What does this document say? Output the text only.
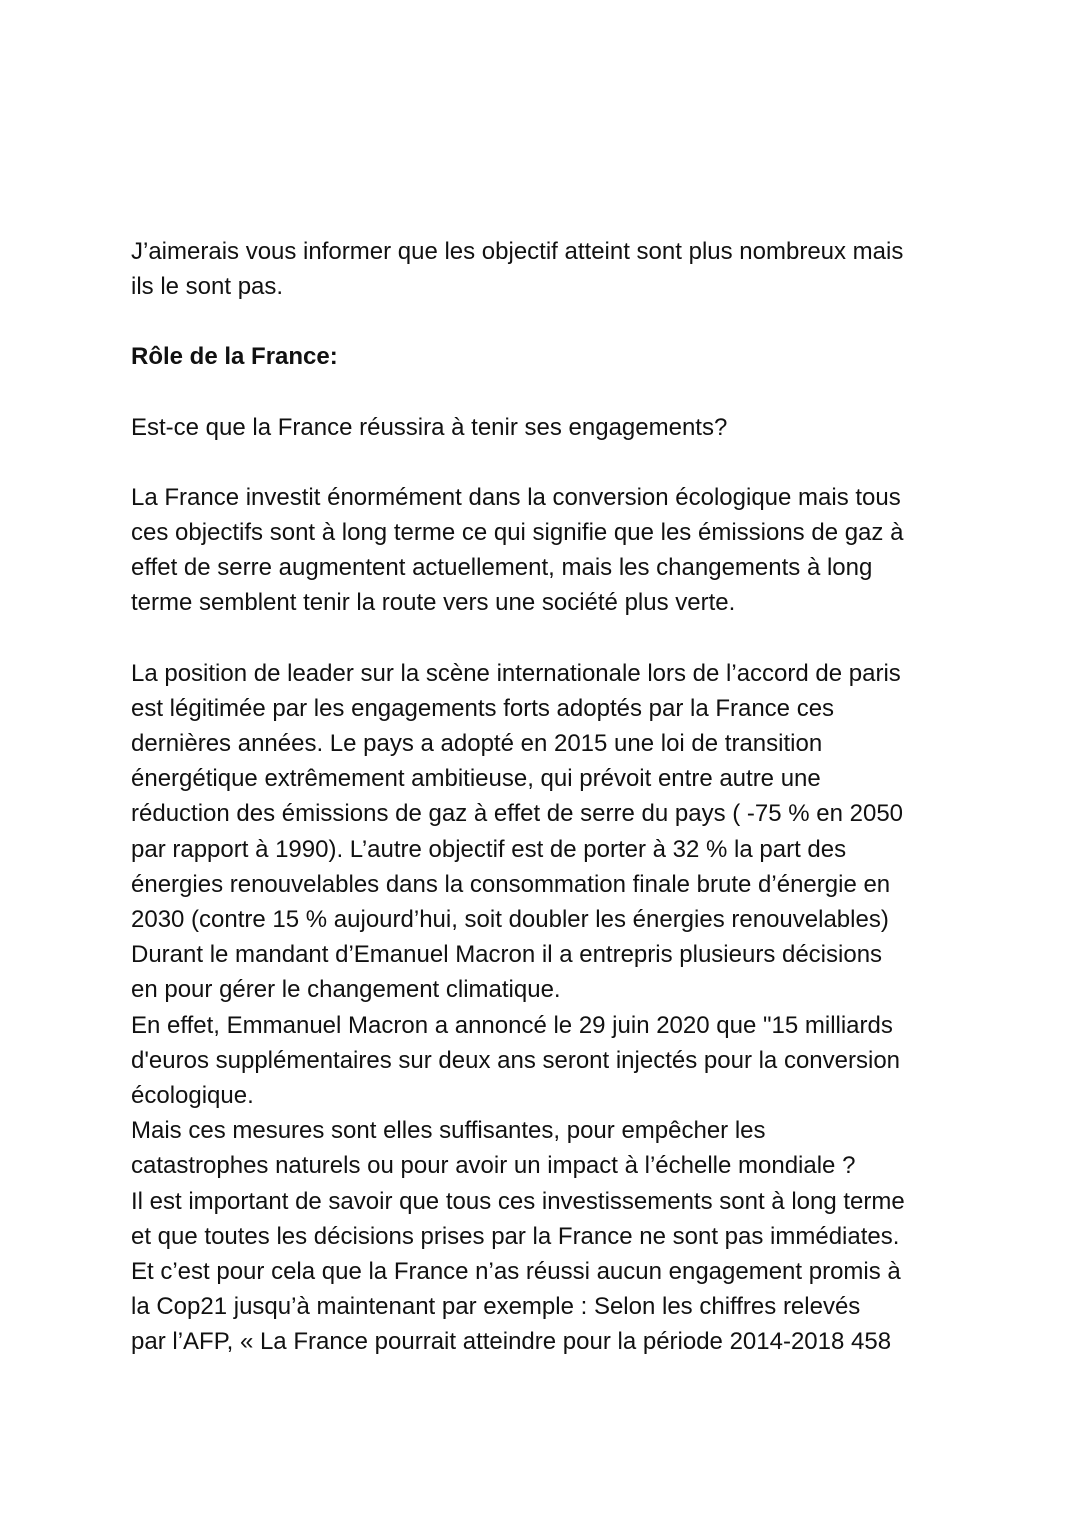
J’aimerais vous informer que les objectif atteint sont plus nombreux mais
ils le sont pas.

Rôle de la France:

Est-ce que la France réussira à tenir ses engagements?

La France investit énormément dans la conversion écologique mais tous
ces objectifs sont à long terme ce qui signifie que les émissions de gaz à
effet de serre augmentent actuellement, mais les changements à long
terme semblent tenir la route vers une société plus verte.

La position de leader sur la scène internationale lors de l’accord de paris
est légitimée par les engagements forts adoptés par la France ces
dernières années. Le pays a adopté en 2015 une loi de transition
énergétique extrêmement ambitieuse, qui prévoit entre autre une
réduction des émissions de gaz à effet de serre du pays ( -75 % en 2050
par rapport à 1990). L’autre objectif est de porter à 32 % la part des
énergies renouvelables dans la consommation finale brute d’énergie en
2030 (contre 15 % aujourd’hui, soit doubler les énergies renouvelables)
Durant le mandant d’Emanuel Macron il a entrepris plusieurs décisions
en pour gérer le changement climatique.
En effet, Emmanuel Macron a annoncé le 29 juin 2020 que "15 milliards
d'euros supplémentaires sur deux ans seront injectés pour la conversion
écologique.
Mais ces mesures sont elles suffisantes, pour empêcher les
catastrophes naturels ou pour avoir un impact à l’échelle mondiale ?
Il est important de savoir que tous ces investissements sont à long terme
et que toutes les décisions prises par la France ne sont pas immédiates.
Et c’est pour cela que la France n’as réussi aucun engagement promis à
la Cop21 jusqu’à maintenant par exemple : Selon les chiffres relevés
par l’AFP, « La France pourrait atteindre pour la période 2014-2018 458
